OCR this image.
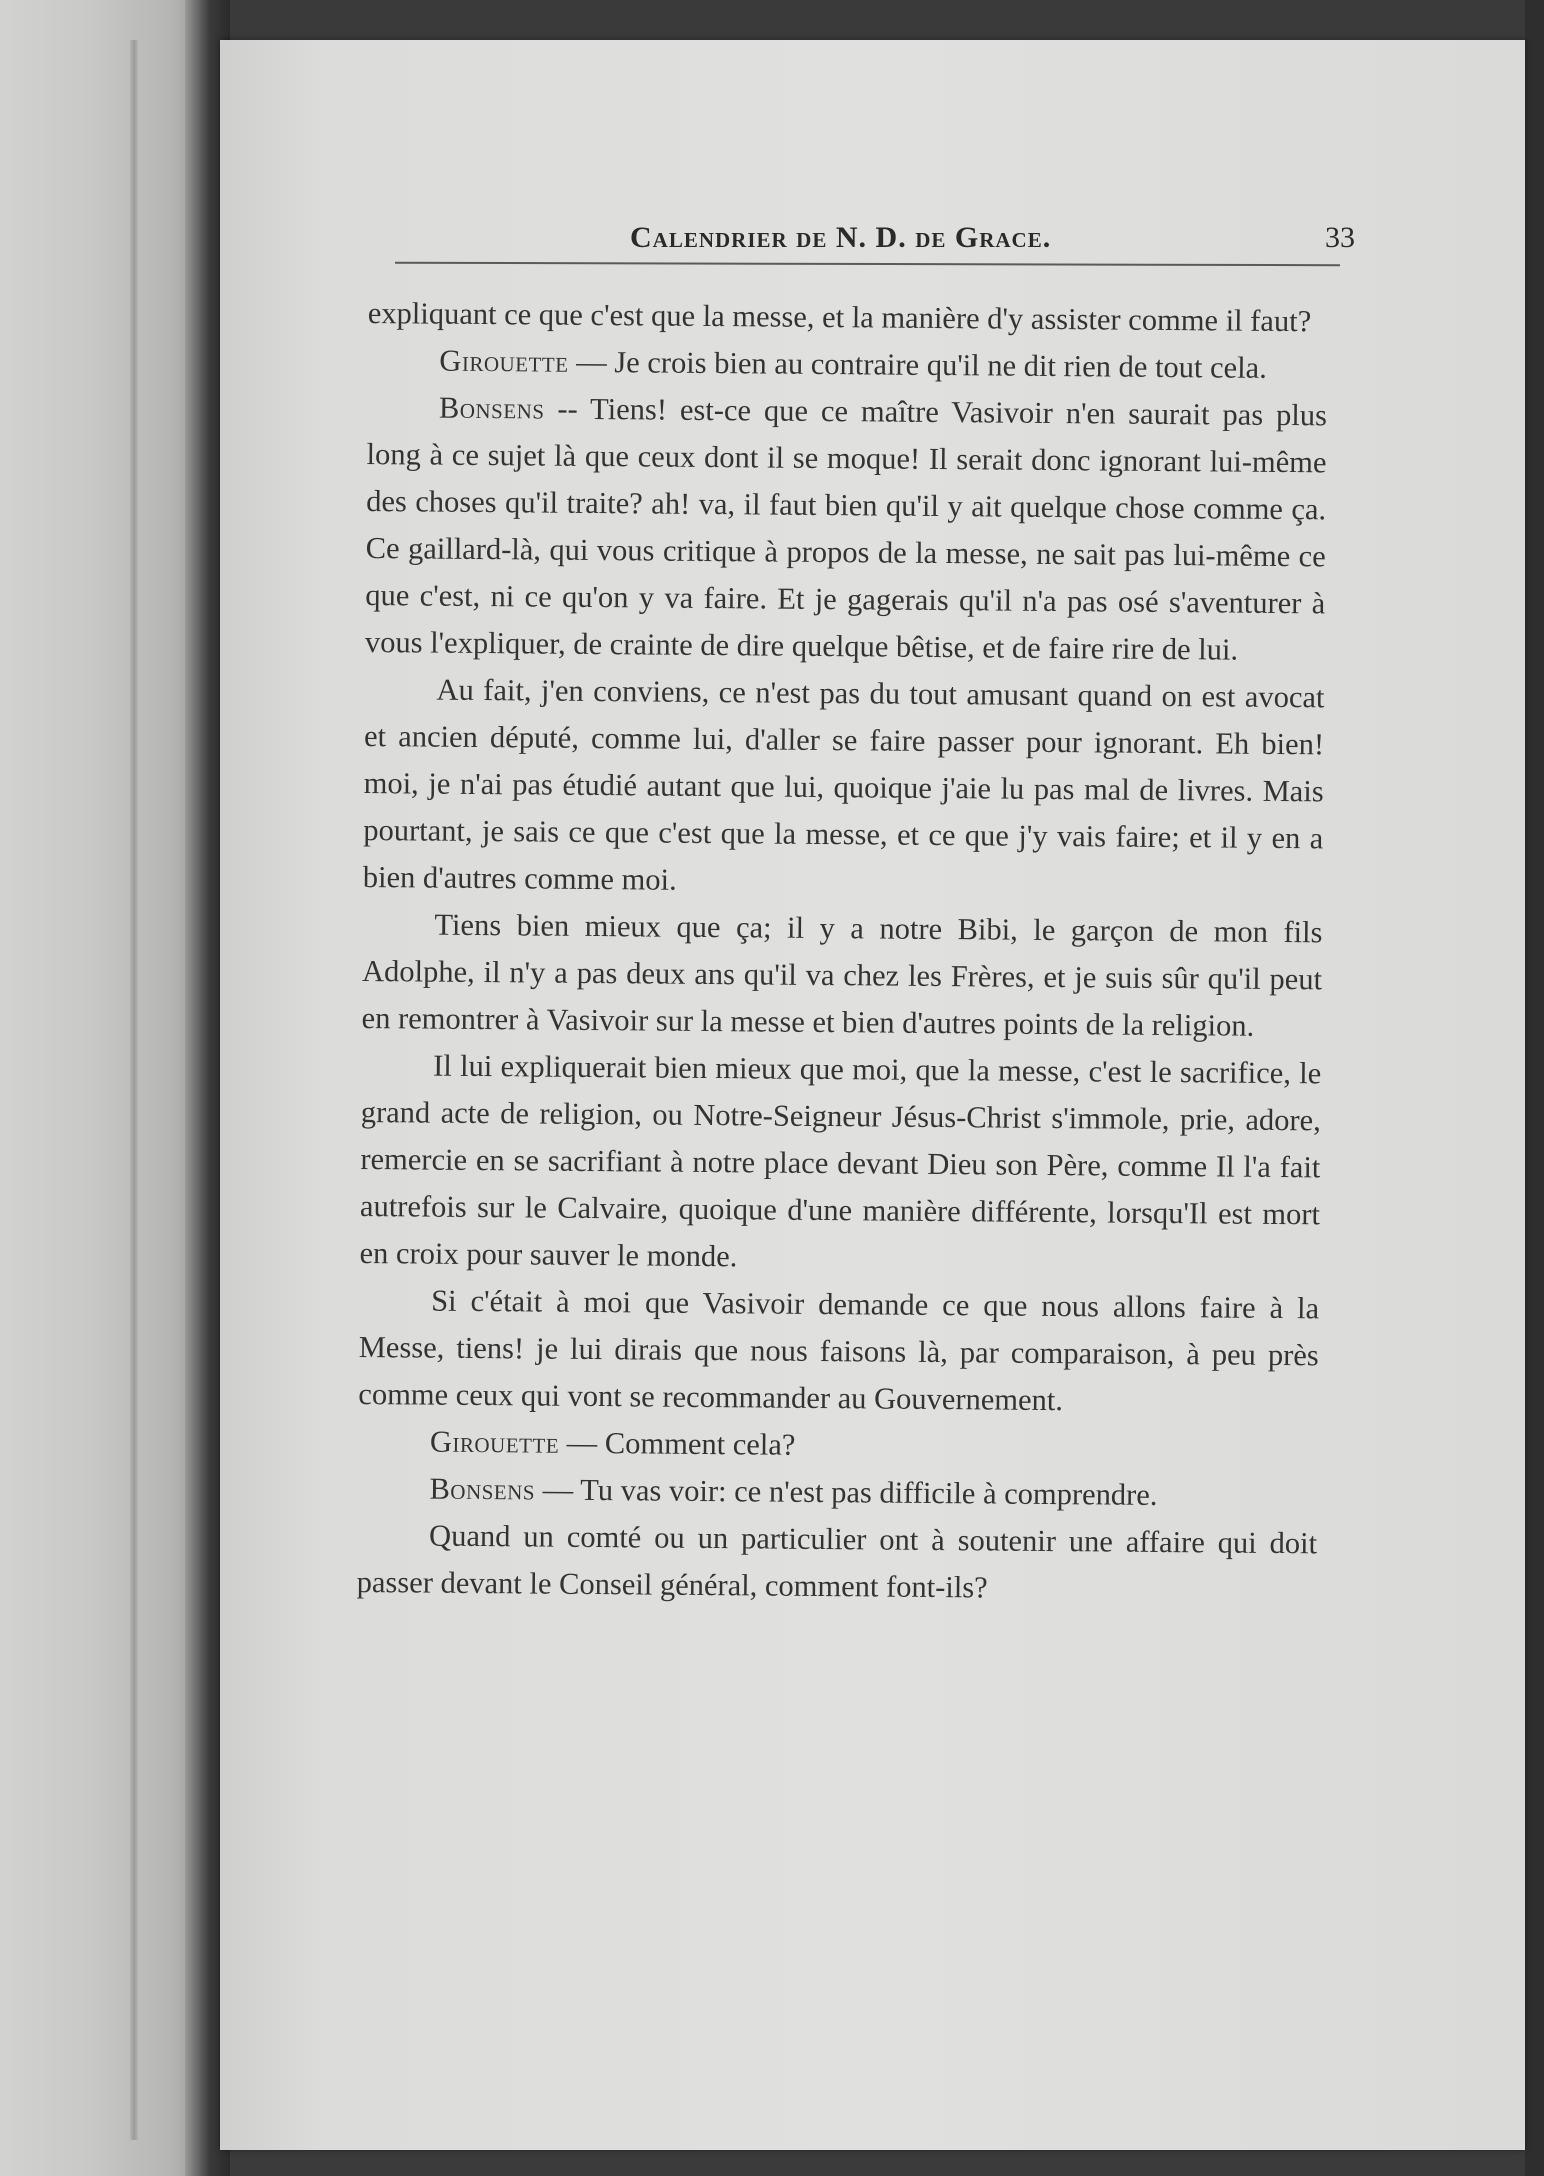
Calendrier de N. D. de Grace.	33

expliquant ce que c'est que la messe, et la manière d'y assister comme il faut?

Girouette — Je crois bien au contraire qu'il ne dit rien de tout cela.

Bonsens -- Tiens! est-ce que ce maître Vasivoir n'en saurait pas plus long à ce sujet là que ceux dont il se moque! Il serait donc ignorant lui-même des choses qu'il traite? ah! va, il faut bien qu'il y ait quelque chose comme ça. Ce gaillard-là, qui vous critique à propos de la messe, ne sait pas lui-même ce que c'est, ni ce qu'on y va faire. Et je gagerais qu'il n'a pas osé s'aventurer à vous l'expliquer, de crainte de dire quelque bêtise, et de faire rire de lui.

Au fait, j'en conviens, ce n'est pas du tout amusant quand on est avocat et ancien député, comme lui, d'aller se faire passer pour ignorant. Eh bien! moi, je n'ai pas étudié autant que lui, quoique j'aie lu pas mal de livres. Mais pourtant, je sais ce que c'est que la messe, et ce que j'y vais faire; et il y en a bien d'autres comme moi.

Tiens bien mieux que ça; il y a notre Bibi, le garçon de mon fils Adolphe, il n'y a pas deux ans qu'il va chez les Frères, et je suis sûr qu'il peut en remontrer à Vasivoir sur la messe et bien d'autres points de la religion.

Il lui expliquerait bien mieux que moi, que la messe, c'est le sacrifice, le grand acte de religion, ou Notre-Seigneur Jésus-Christ s'immole, prie, adore, remercie en se sacrifiant à notre place devant Dieu son Père, comme Il l'a fait autrefois sur le Calvaire, quoique d'une manière différente, lorsqu'Il est mort en croix pour sauver le monde.

Si c'était à moi que Vasivoir demande ce que nous allons faire à la Messe, tiens! je lui dirais que nous faisons là, par comparaison, à peu près comme ceux qui vont se recommander au Gouvernement.

Girouette — Comment cela?

Bonsens — Tu vas voir: ce n'est pas difficile à comprendre.

Quand un comté ou un particulier ont à soutenir une affaire qui doit passer devant le Conseil général, comment font-ils?
